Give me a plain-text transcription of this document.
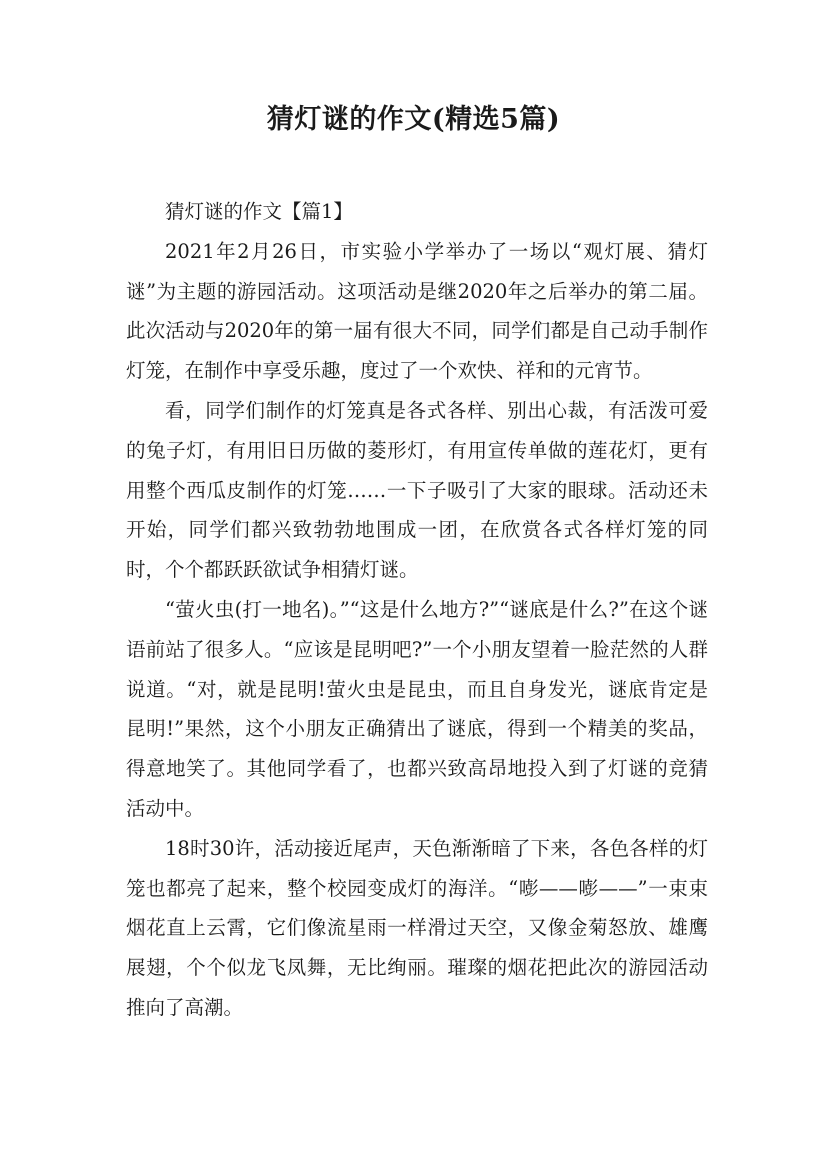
猜灯谜的作文(精选5篇)

猜灯谜的作文【篇1】

2021年2月26日，市实验小学举办了一场以“观灯展、猜灯谜”为主题的游园活动。这项活动是继2020年之后举办的第二届。此次活动与2020年的第一届有很大不同，同学们都是自己动手制作灯笼，在制作中享受乐趣，度过了一个欢快、祥和的元宵节。

看，同学们制作的灯笼真是各式各样、别出心裁，有活泼可爱的兔子灯，有用旧日历做的菱形灯，有用宣传单做的莲花灯，更有用整个西瓜皮制作的灯笼……一下子吸引了大家的眼球。活动还未开始，同学们都兴致勃勃地围成一团，在欣赏各式各样灯笼的同时，个个都跃跃欲试争相猜灯谜。

“萤火虫(打一地名)。”“这是什么地方?”“谜底是什么?”在这个谜语前站了很多人。“应该是昆明吧?”一个小朋友望着一脸茫然的人群说道。“对，就是昆明!萤火虫是昆虫，而且自身发光，谜底肯定是昆明!”果然，这个小朋友正确猜出了谜底，得到一个精美的奖品，得意地笑了。其他同学看了，也都兴致高昂地投入到了灯谜的竞猜活动中。

18时30许，活动接近尾声，天色渐渐暗了下来，各色各样的灯笼也都亮了起来，整个校园变成灯的海洋。“嘭——嘭——”一束束烟花直上云霄，它们像流星雨一样滑过天空，又像金菊怒放、雄鹰展翅，个个似龙飞凤舞，无比绚丽。璀璨的烟花把此次的游园活动推向了高潮。
